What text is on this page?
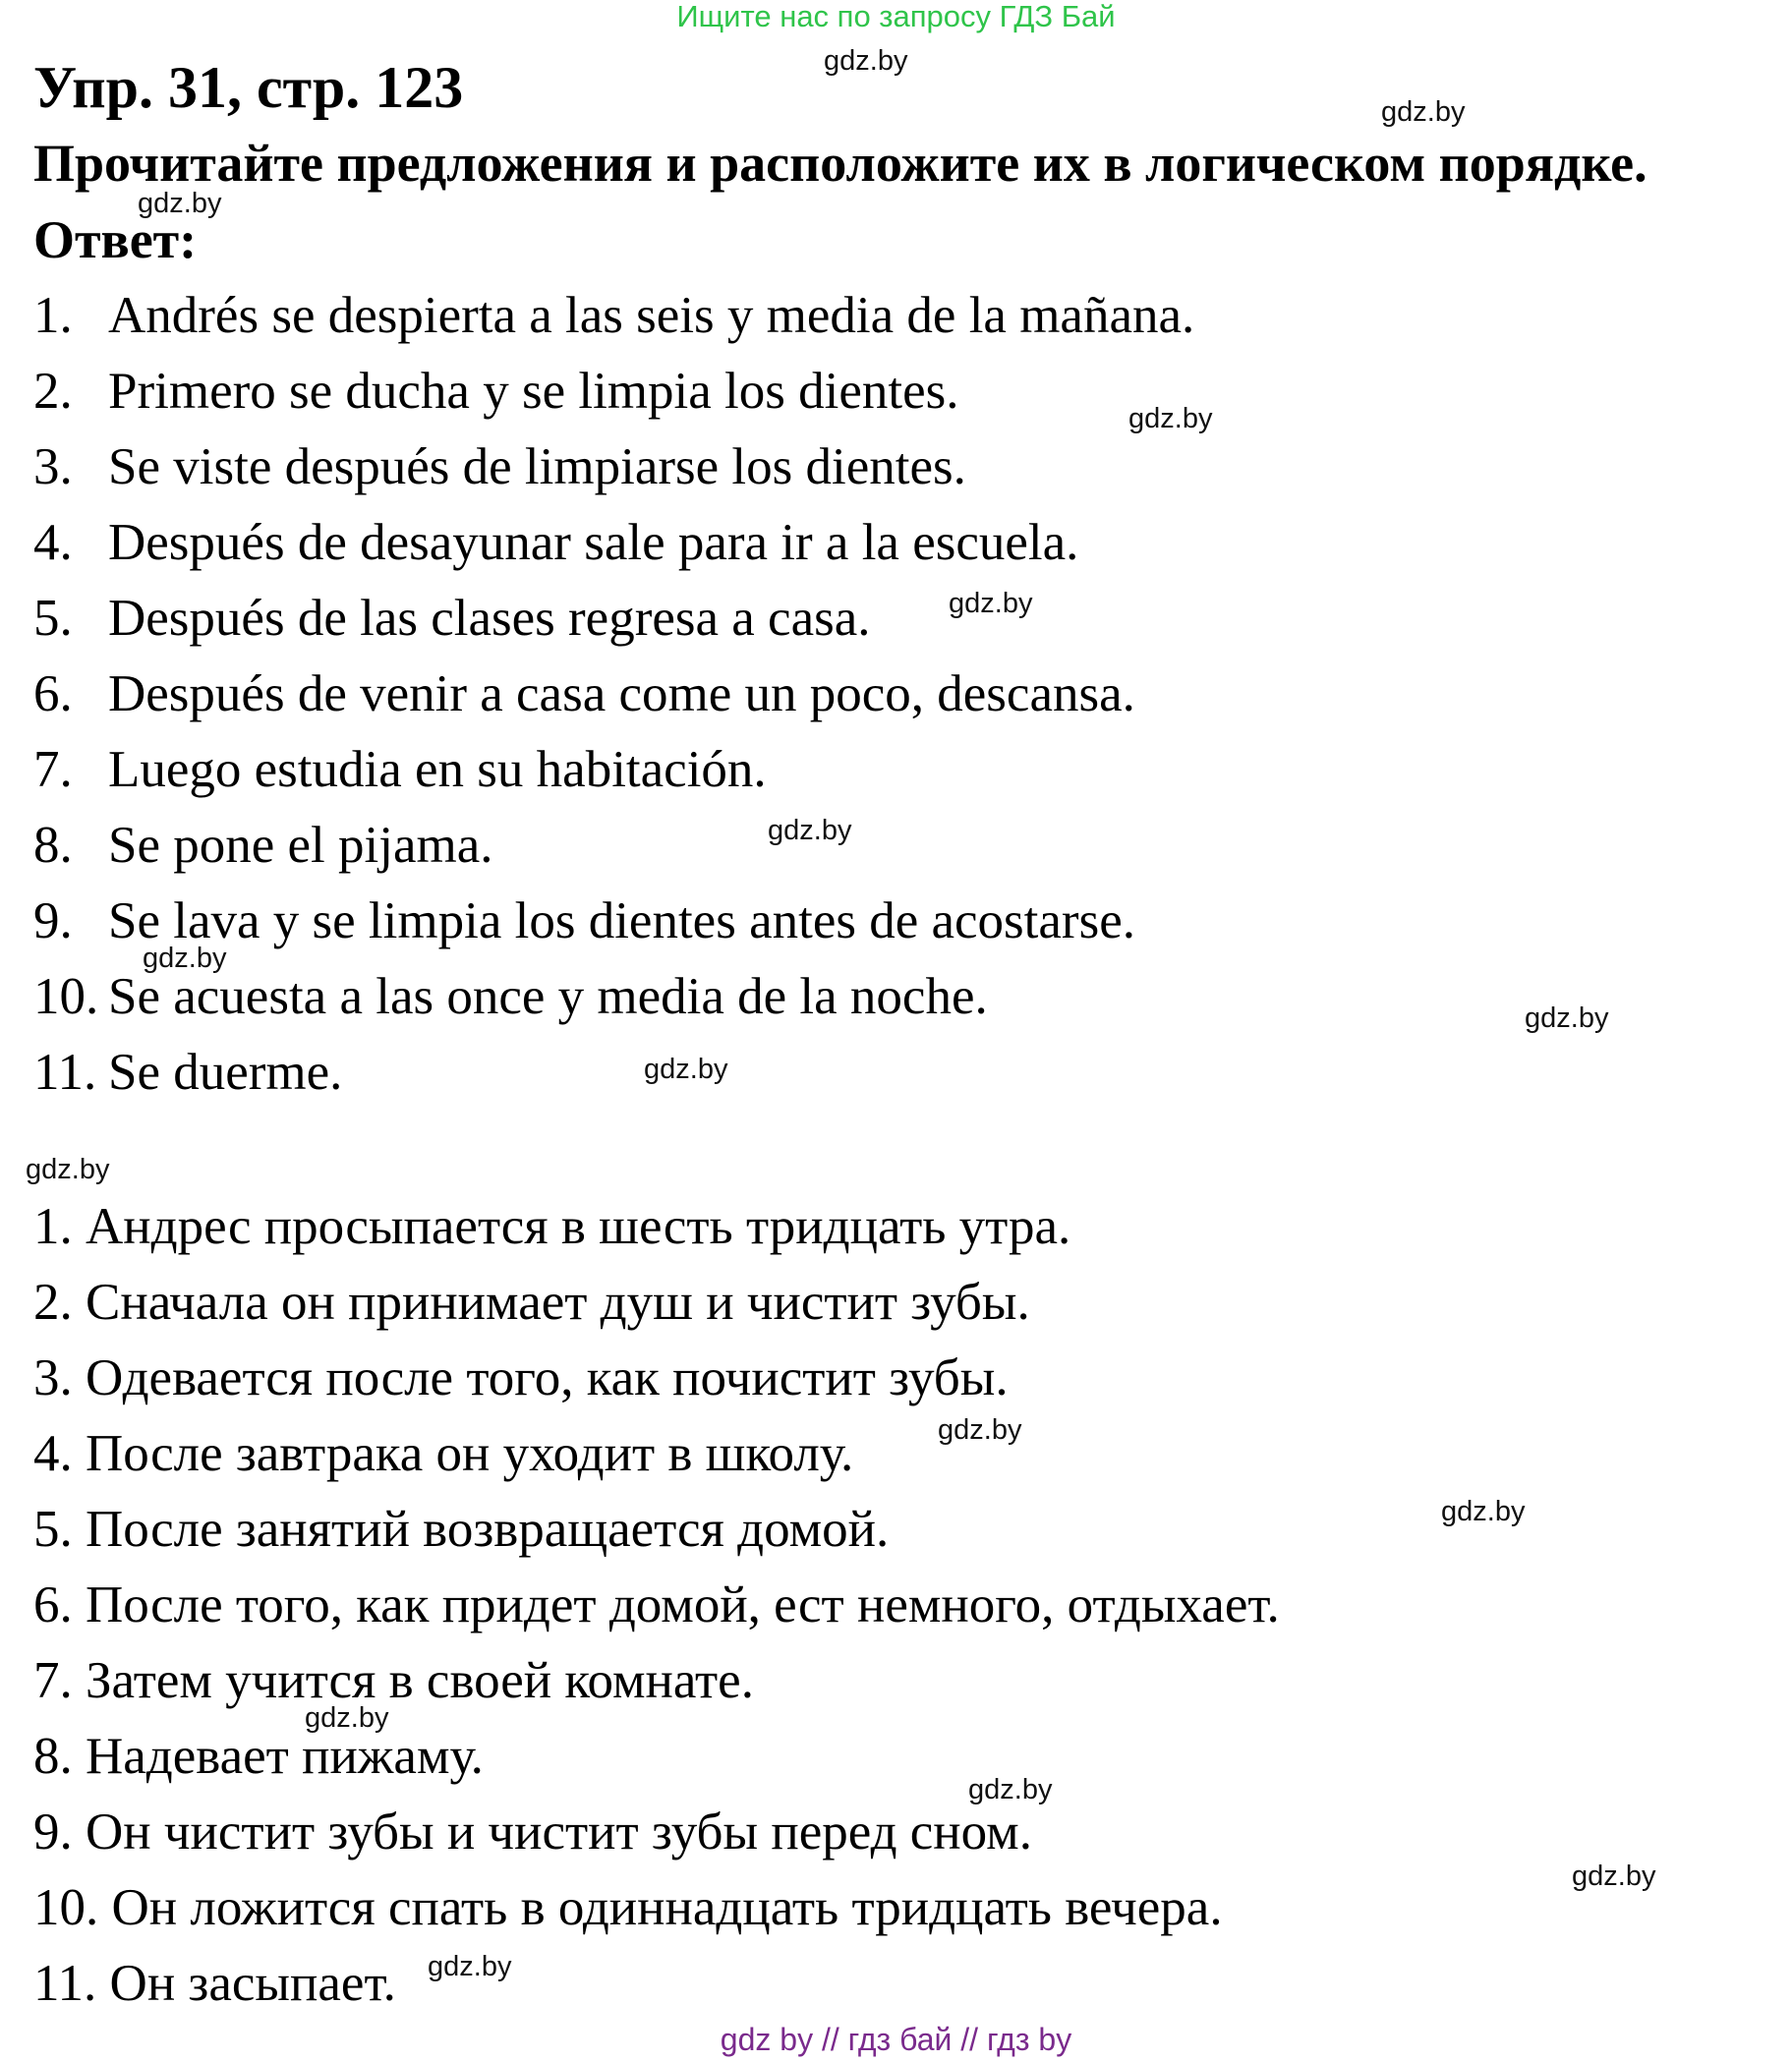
Ищите нас по запросу ГДЗ Бай
Упр. 31, стр. 123
Прочитайте предложения и расположите их в логическом порядке.
Ответ:
1. Andrés se despierta a las seis y media de la mañana.
2. Primero se ducha y se limpia los dientes.
3. Se viste después de limpiarse los dientes.
4. Después de desayunar sale para ir a la escuela.
5. Después de las clases regresa a casa.
6. Después de venir a casa come un poco, descansa.
7. Luego estudia en su habitación.
8. Se pone el pijama.
9. Se lava y se limpia los dientes antes de acostarse.
10. Se acuesta a las once y media de la noche.
11. Se duerme.
1. Андрес просыпается в шесть тридцать утра.
2. Сначала он принимает душ и чистит зубы.
3. Одевается после того, как почистит зубы.
4. После завтрака он уходит в школу.
5. После занятий возвращается домой.
6. После того, как придет домой, ест немного, отдыхает.
7. Затем учится в своей комнате.
8. Надевает пижаму.
9. Он чистит зубы и чистит зубы перед сном.
10. Он ложится спать в одиннадцать тридцать вечера.
11. Он засыпает.
gdz.by
gdz.by
gdz.by
gdz.by
gdz.by
gdz.by
gdz.by
gdz.by
gdz.by
gdz.by
gdz.by
gdz.by
gdz.by
gdz.by
gdz.by
gdz.by
gdz by // гдз бай // гдз by
